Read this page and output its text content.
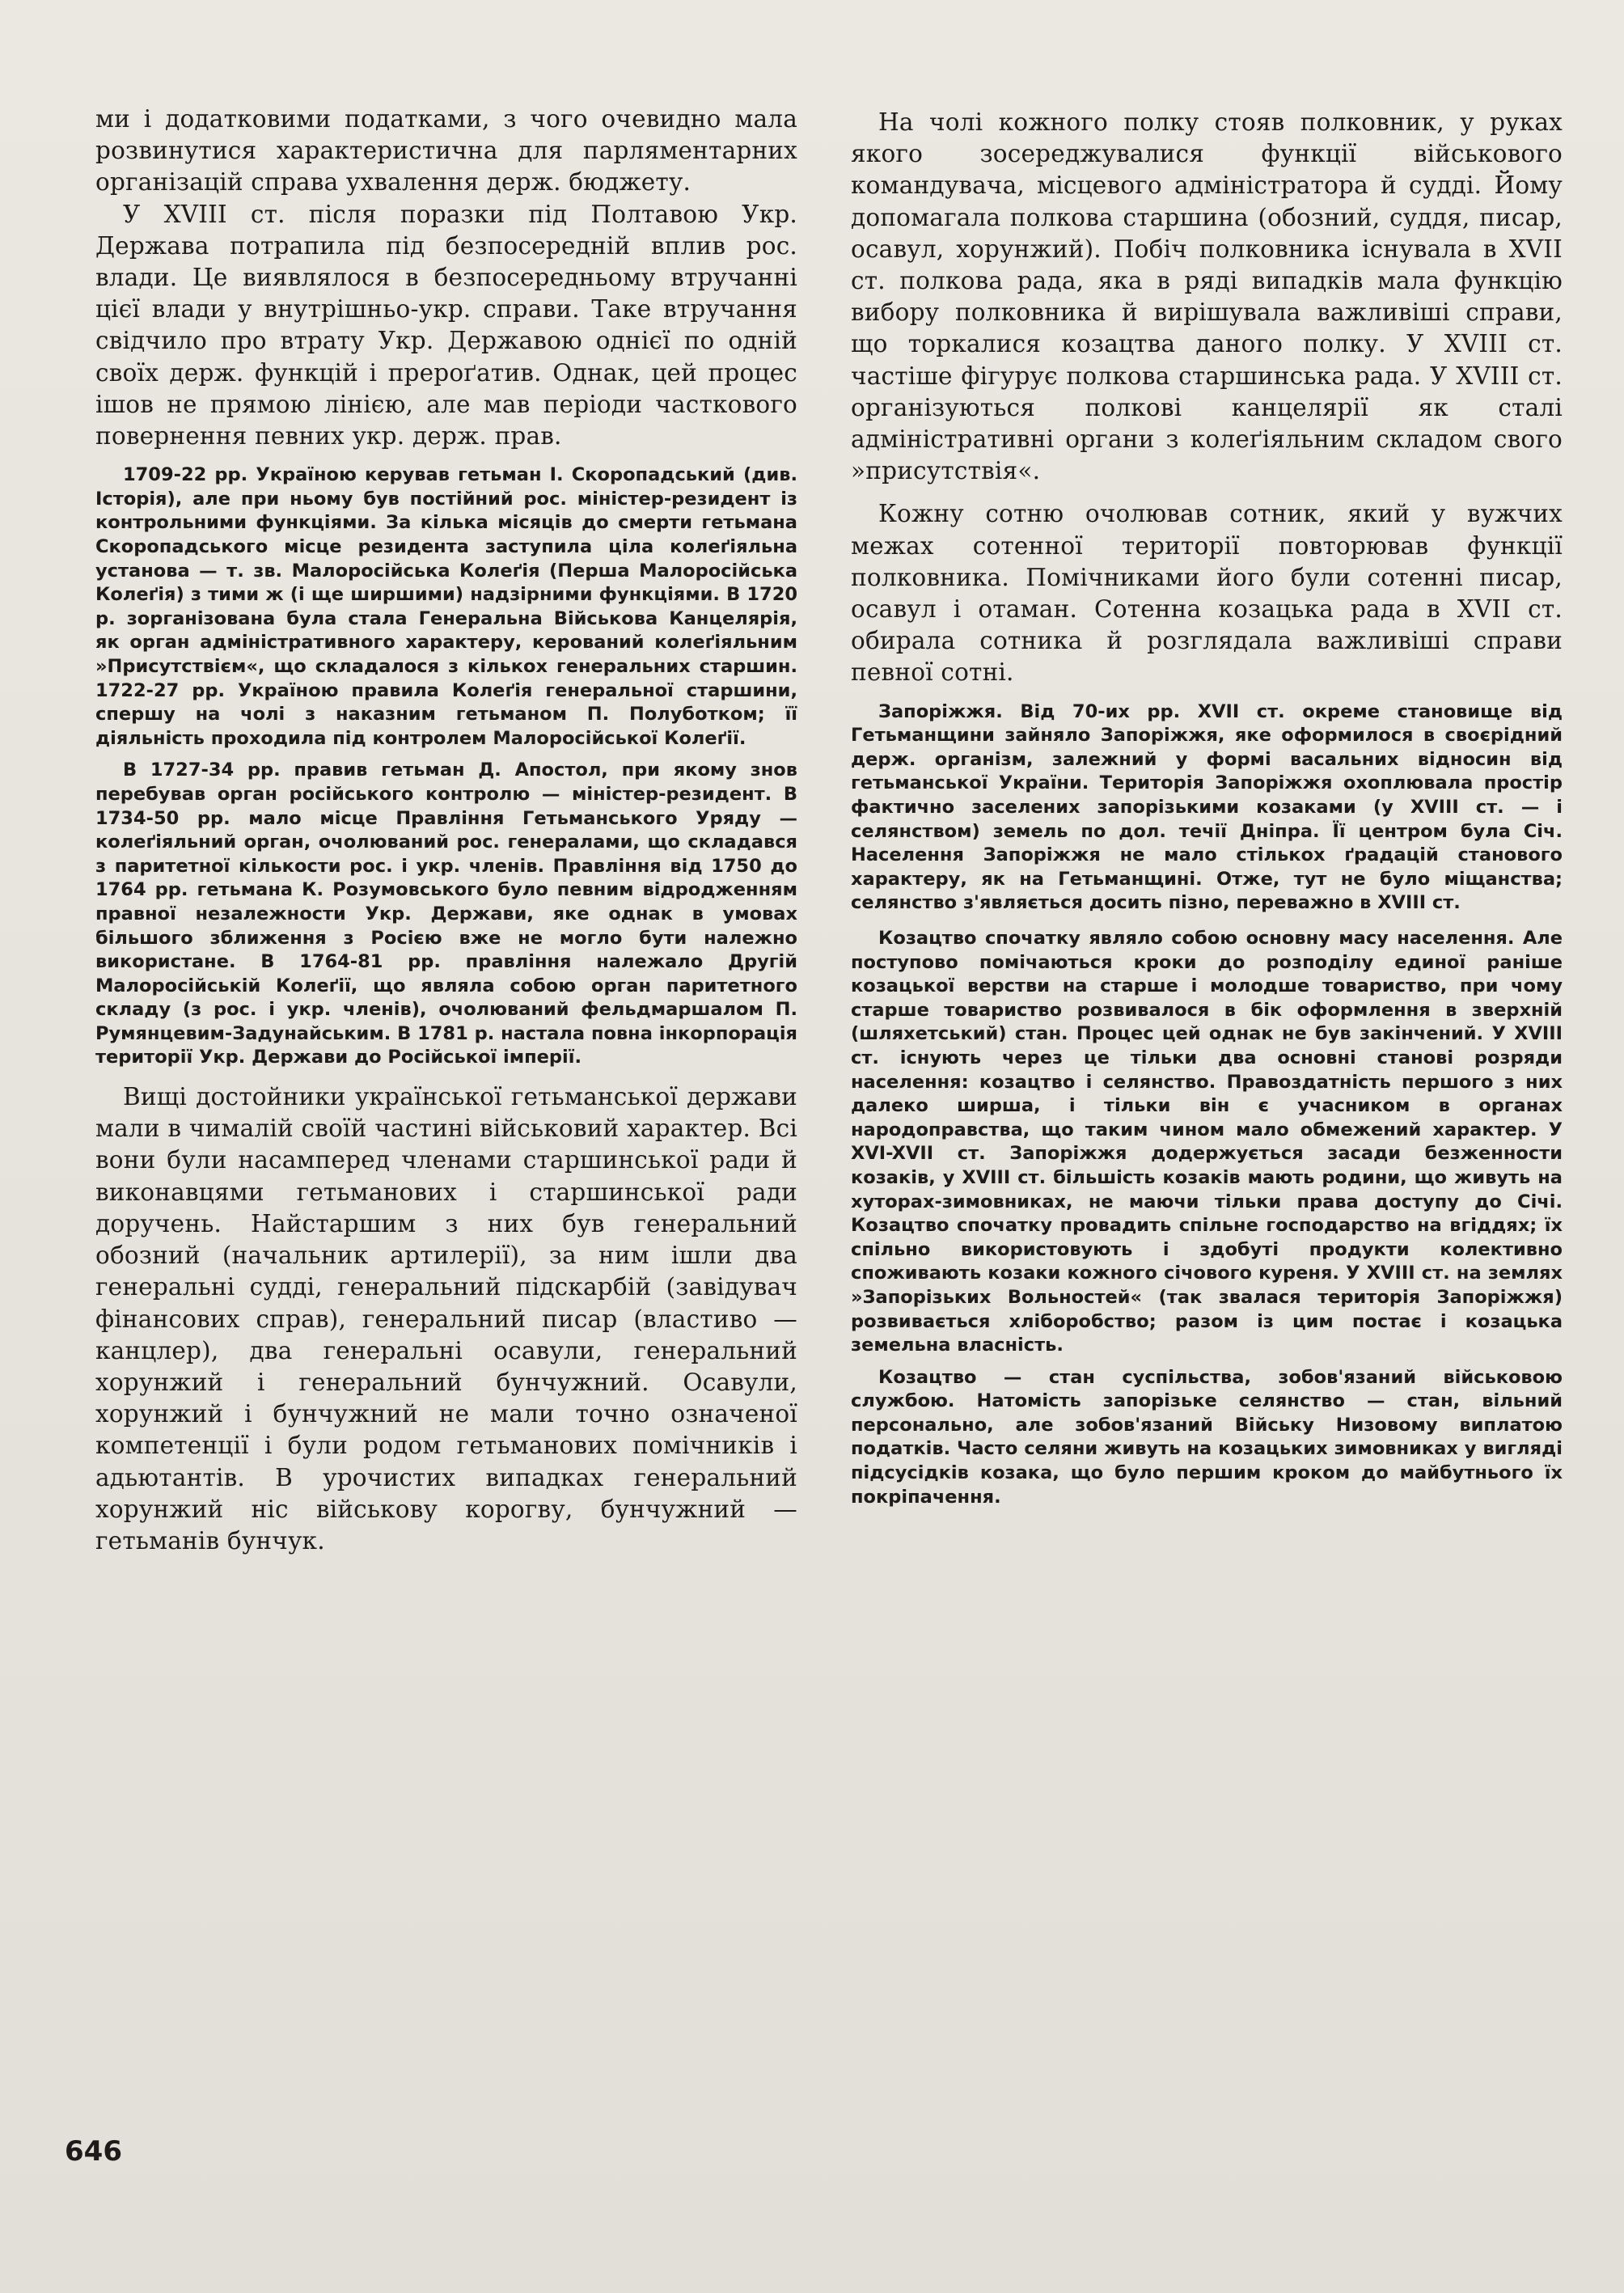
ми і додатковими податками, з чого очевидно мала розвинутися характеристична для парляментарних організацій справа ухвалення держ. бюджету.

У XVIII ст. після поразки під Полтавою Укр. Держава потрапила під безпосередній вплив рос. влади. Це виявлялося в безпосередньому втручанні цієї влади у внутрішньо-укр. справи. Таке втручання свідчило про втрату Укр. Державою однієї по одній своїх держ. функцій і прероґатив. Однак, цей процес ішов не прямою лінією, але мав періоди часткового повернення певних укр. держ. прав.

1709-22 рр. Україною керував гетьман І. Скоропадський (див. Історія), але при ньому був постійний рос. міністер-резидент із контрольними функціями. За кілька місяців до смерти гетьмана Скоропадського місце резидента заступила ціла колеґіяльна установа — т. зв. Малоросійська Колеґія (Перша Малоросійська Колеґія) з тими ж (і ще ширшими) надзірними функціями. В 1720 р. зорганізована була стала Генеральна Військова Канцелярія, як орган адміністративного характеру, керований колеґіяльним »Присутствієм«, що складалося з кількох генеральних старшин. 1722-27 рр. Україною правила Колеґія генеральної старшини, спершу на чолі з наказним гетьманом П. Полуботком; її діяльність проходила під контролем Малоросійської Колеґії.

В 1727-34 рр. правив гетьман Д. Апостол, при якому знов перебував орган російського контролю — міністер-резидент. В 1734-50 рр. мало місце Правління Гетьманського Уряду — колеґіяльний орган, очолюваний рос. генералами, що складався з паритетної кількости рос. і укр. членів. Правління від 1750 до 1764 рр. гетьмана К. Розумовського було певним відродженням правної незалежности Укр. Держави, яке однак в умовах більшого зближення з Росією вже не могло бути належно використане. В 1764-81 рр. правління належало Другій Малоросійській Колеґії, що являла собою орган паритетного складу (з рос. і укр. членів), очолюваний фельдмаршалом П. Румянцевим-Задунайським. В 1781 р. настала повна інкорпорація території Укр. Держави до Російської імперії.

Вищі достойники української гетьманської держави мали в чималій своїй частині військовий характер. Всі вони були насамперед членами старшинської ради й виконавцями гетьманових і старшинської ради доручень. Найстаршим з них був генеральний обозний (начальник артилерії), за ним ішли два генеральні судді, генеральний підскарбій (завідувач фінансових справ), генеральний писар (властиво — канцлер), два генеральні осавули, генеральний хорунжий і генеральний бунчужний. Осавули, хорунжий і бунчужний не мали точно означеної компетенції і були родом гетьманових помічників і адьютантів. В урочистих випадках генеральний хорунжий ніс військову корогву, бунчужний — гетьманів бунчук.

На чолі кожного полку стояв полковник, у руках якого зосереджувалися функції військового командувача, місцевого адміністратора й судді. Йому допомагала полкова старшина (обозний, суддя, писар, осавул, хорунжий). Побіч полковника існувала в XVII ст. полкова рада, яка в ряді випадків мала функцію вибору полковника й вирішувала важливіші справи, що торкалися козацтва даного полку. У XVIII ст. частіше фігурує полкова старшинська рада. У XVIII ст. організуються полкові канцелярії як сталі адміністративні органи з колеґіяльним складом свого »присутствія«.

Кожну сотню очолював сотник, який у вужчих межах сотенної території повторював функції полковника. Помічниками його були сотенні писар, осавул і отаман. Сотенна козацька рада в XVII ст. обирала сотника й розглядала важливіші справи певної сотні.

Запоріжжя. Від 70-их рр. XVII ст. окреме становище від Гетьманщини зайняло Запоріжжя, яке оформилося в своєрідний держ. організм, залежний у формі васальних відносин від гетьманської України. Територія Запоріжжя охоплювала простір фактично заселених запорізькими козаками (у XVIII ст. — і селянством) земель по дол. течії Дніпра. Її центром була Січ. Населення Запоріжжя не мало стількох ґрадацій станового характеру, як на Гетьманщині. Отже, тут не було міщанства; селянство з'являється досить пізно, переважно в XVIII ст.

Козацтво спочатку являло собою основну масу населення. Але поступово помічаються кроки до розподілу единої раніше козацької верстви на старше і молодше товариство, при чому старше товариство розвивалося в бік оформлення в зверхній (шляхетський) стан. Процес цей однак не був закінчений. У XVIII ст. існують через це тільки два основні станові розряди населення: козацтво і селянство. Правоздатність першого з них далеко ширша, і тільки він є учасником в органах народоправства, що таким чином мало обмежений характер. У XVI-XVII ст. Запоріжжя додержується засади безженности козаків, у XVIII ст. більшість козаків мають родини, що живуть на хуторах-зимовниках, не маючи тільки права доступу до Січі. Козацтво спочатку провадить спільне господарство на вгіддях; їх спільно використовують і здобуті продукти колективно споживають козаки кожного січового куреня. У XVIII ст. на землях »Запорізьких Вольностей« (так звалася територія Запоріжжя) розвивається хліборобство; разом із цим постає і козацька земельна власність.

Козацтво — стан суспільства, зобов'язаний військовою службою. Натомість запорізьке селянство — стан, вільний персонально, але зобов'язаний Війську Низовому виплатою податків. Часто селяни живуть на козацьких зимовниках у вигляді підсусідків козака, що було першим кроком до майбутнього їх покріпачення.

646
